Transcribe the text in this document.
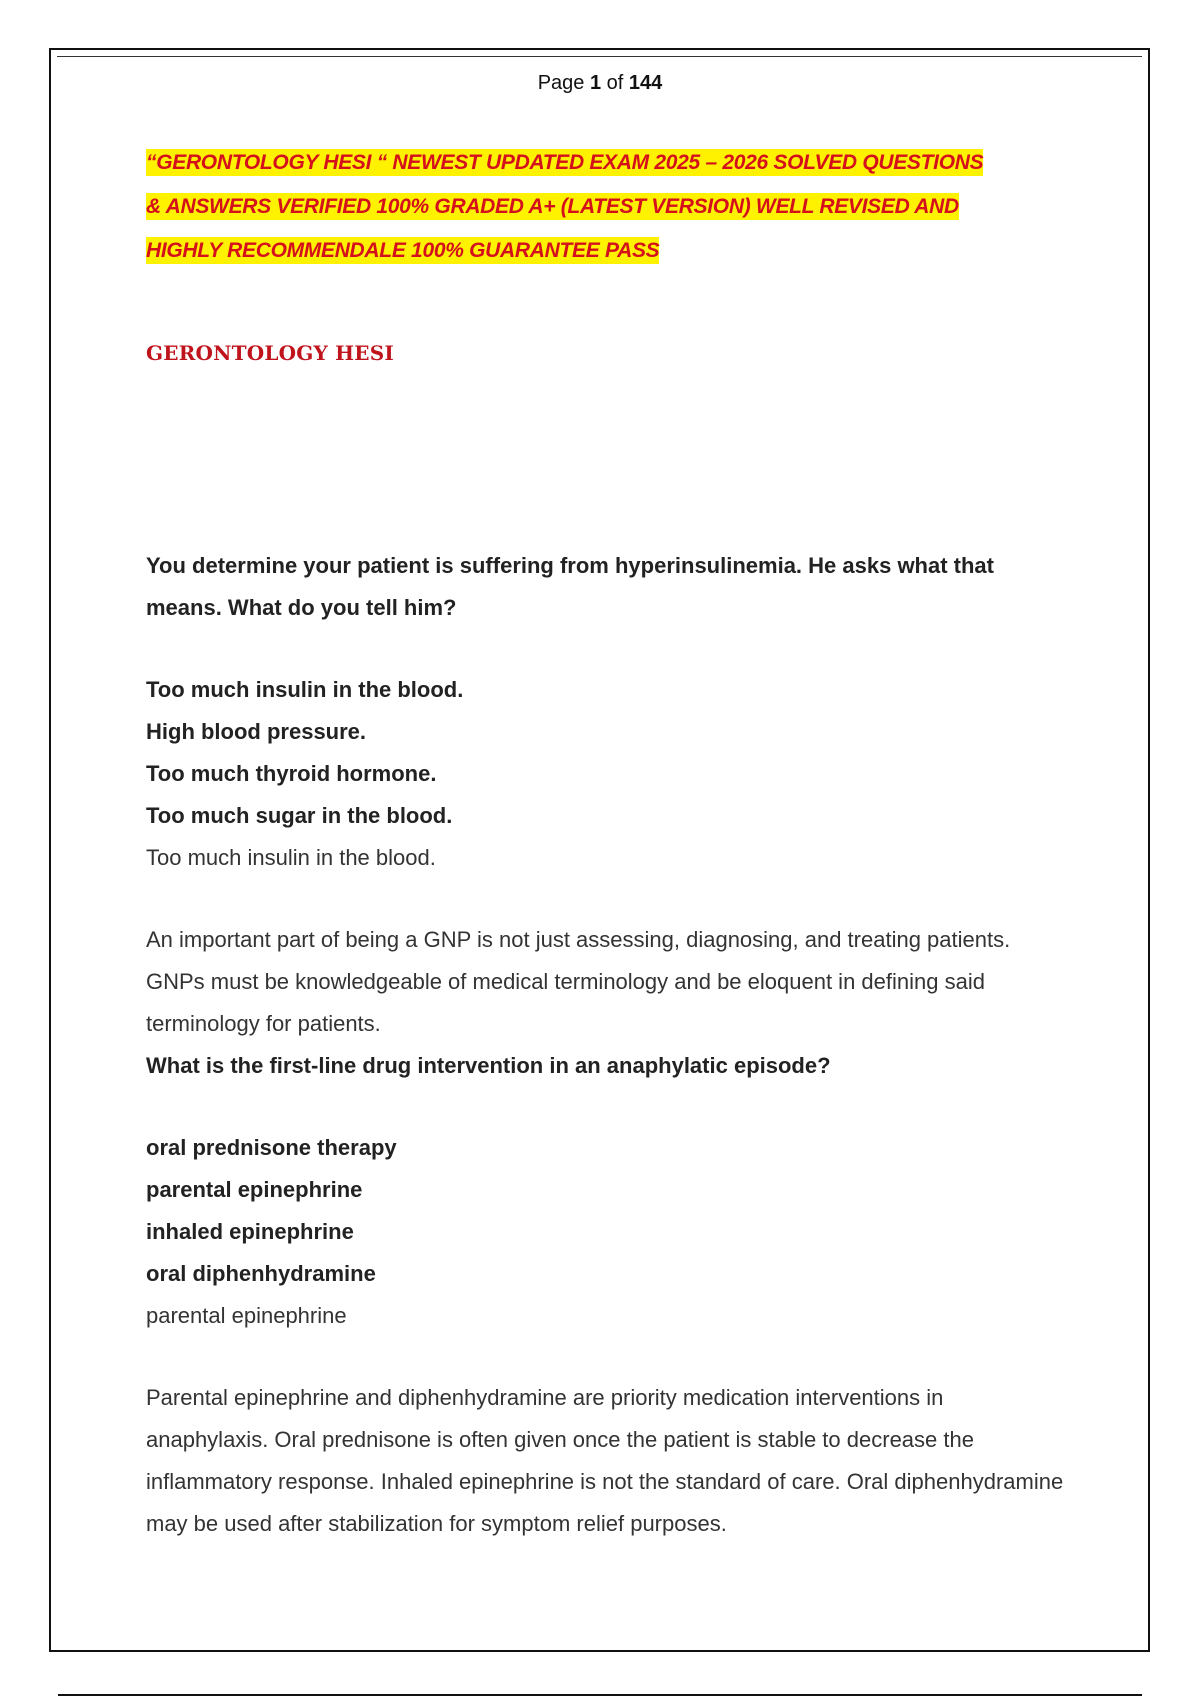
Page 1 of 144
“GERONTOLOGY HESI “ NEWEST UPDATED EXAM 2025 – 2026 SOLVED QUESTIONS
& ANSWERS VERIFIED 100% GRADED A+ (LATEST VERSION) WELL REVISED AND
HIGHLY RECOMMENDALE 100% GUARANTEE PASS
GERONTOLOGY HESI
You determine your patient is suffering from hyperinsulinemia. He asks what that means. What do you tell him?
Too much insulin in the blood.
High blood pressure.
Too much thyroid hormone.
Too much sugar in the blood.
Too much insulin in the blood.
An important part of being a GNP is not just assessing, diagnosing, and treating patients. GNPs must be knowledgeable of medical terminology and be eloquent in defining said terminology for patients.
What is the first-line drug intervention in an anaphylatic episode?
oral prednisone therapy
parental epinephrine
inhaled epinephrine
oral diphenhydramine
parental epinephrine
Parental epinephrine and diphenhydramine are priority medication interventions in anaphylaxis. Oral prednisone is often given once the patient is stable to decrease the inflammatory response. Inhaled epinephrine is not the standard of care. Oral diphenhydramine may be used after stabilization for symptom relief purposes.
